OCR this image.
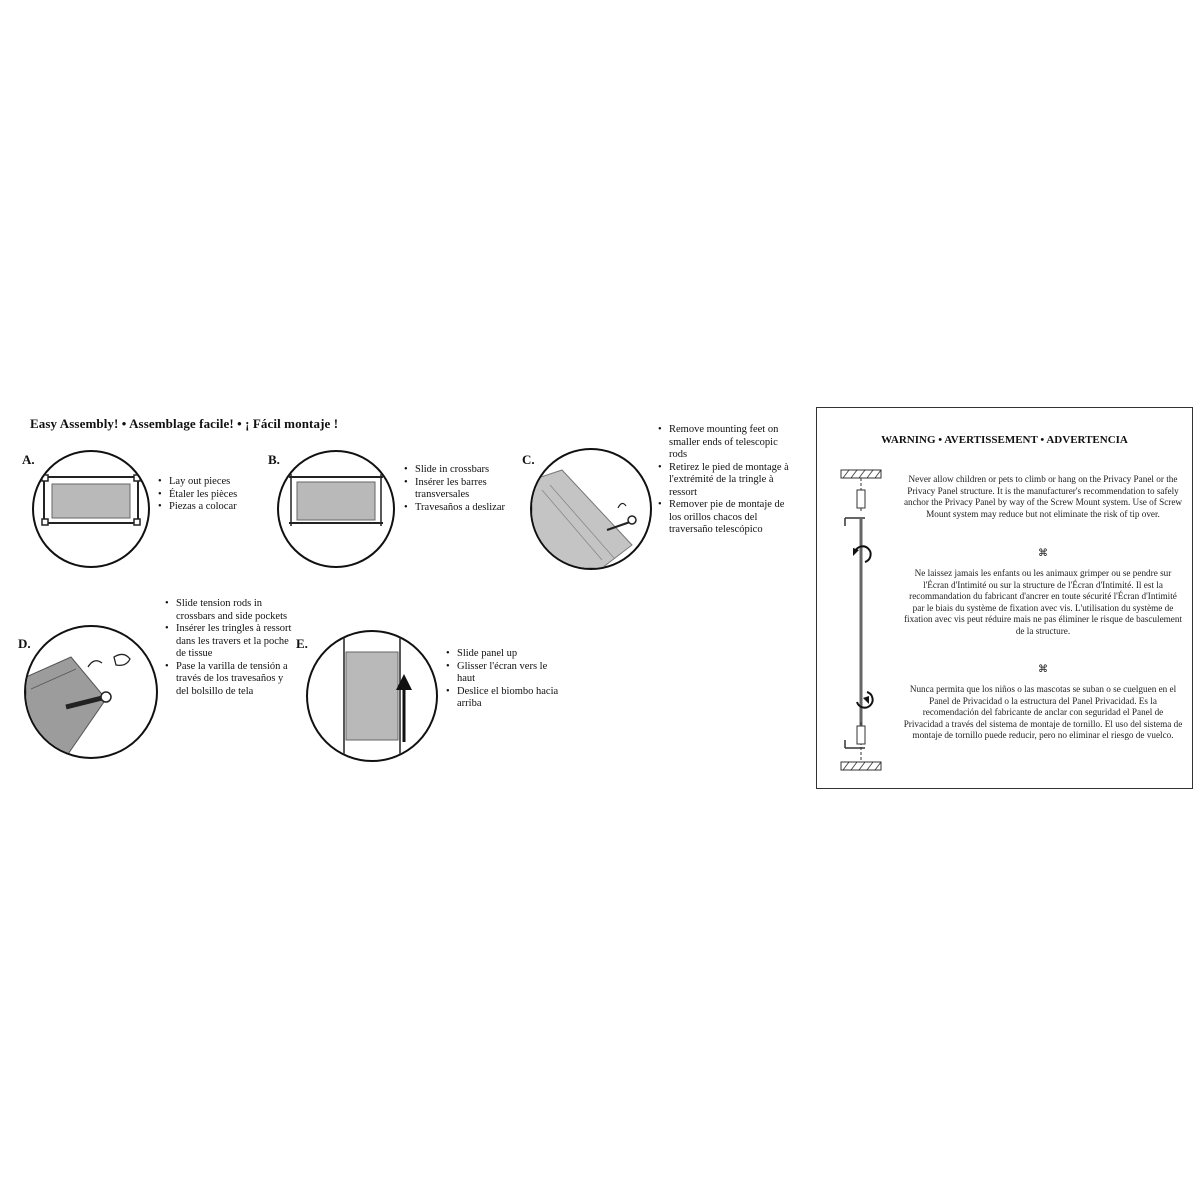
Easy Assembly! • Assemblage facile! • ¡ Fácil montaje !
A.
• Lay out pieces
• Étaler les pièces
• Piezas a colocar
B.
• Slide in crossbars
• Insérer les barres transversales
• Travesaños a deslizar
C.
• Remove mounting feet on smaller ends of telescopic rods
• Retirez le pied de montage à l'extrémité de la tringle à ressort
• Remover pie de montaje de los orillos chacos del traversaño telescópico
D.
• Slide tension rods in crossbars and side pockets
• Insérer les tringles à ressort dans les travers et la poche de tissue
• Pase la varilla de tensión a través de los travesaños y del bolsillo de tela
E.
• Slide panel up
• Glisser l'écran vers le haut
• Deslice el biombo hacia arriba
WARNING • AVERTISSEMENT • ADVERTENCIA
Never allow children or pets to climb or hang on the Privacy Panel or the Privacy Panel structure. It is the manufacturer's recommendation to safely anchor the Privacy Panel by way of the Screw Mount system. Use of Screw Mount system may reduce but not eliminate the risk of tip over.
⌘
Ne laissez jamais les enfants ou les animaux grimper ou se pendre sur l'Écran d'Intimité ou sur la structure de l'Écran d'Intimité. Il est la recommandation du fabricant d'ancrer en toute sécurité l'Écran d'Intimité par le biais du système de fixation avec vis. L'utilisation du système de fixation avec vis peut réduire mais ne pas éliminer le risque de basculement de la structure.
⌘
Nunca permita que los niños o las mascotas se suban o se cuelguen en el Panel de Privacidad o la estructura del Panel Privacidad. Es la recomendación del fabricante de anclar con seguridad el Panel de Privacidad a través del sistema de montaje de tornillo. El uso del sistema de montaje de tornillo puede reducir, pero no eliminar el riesgo de vuelco.
